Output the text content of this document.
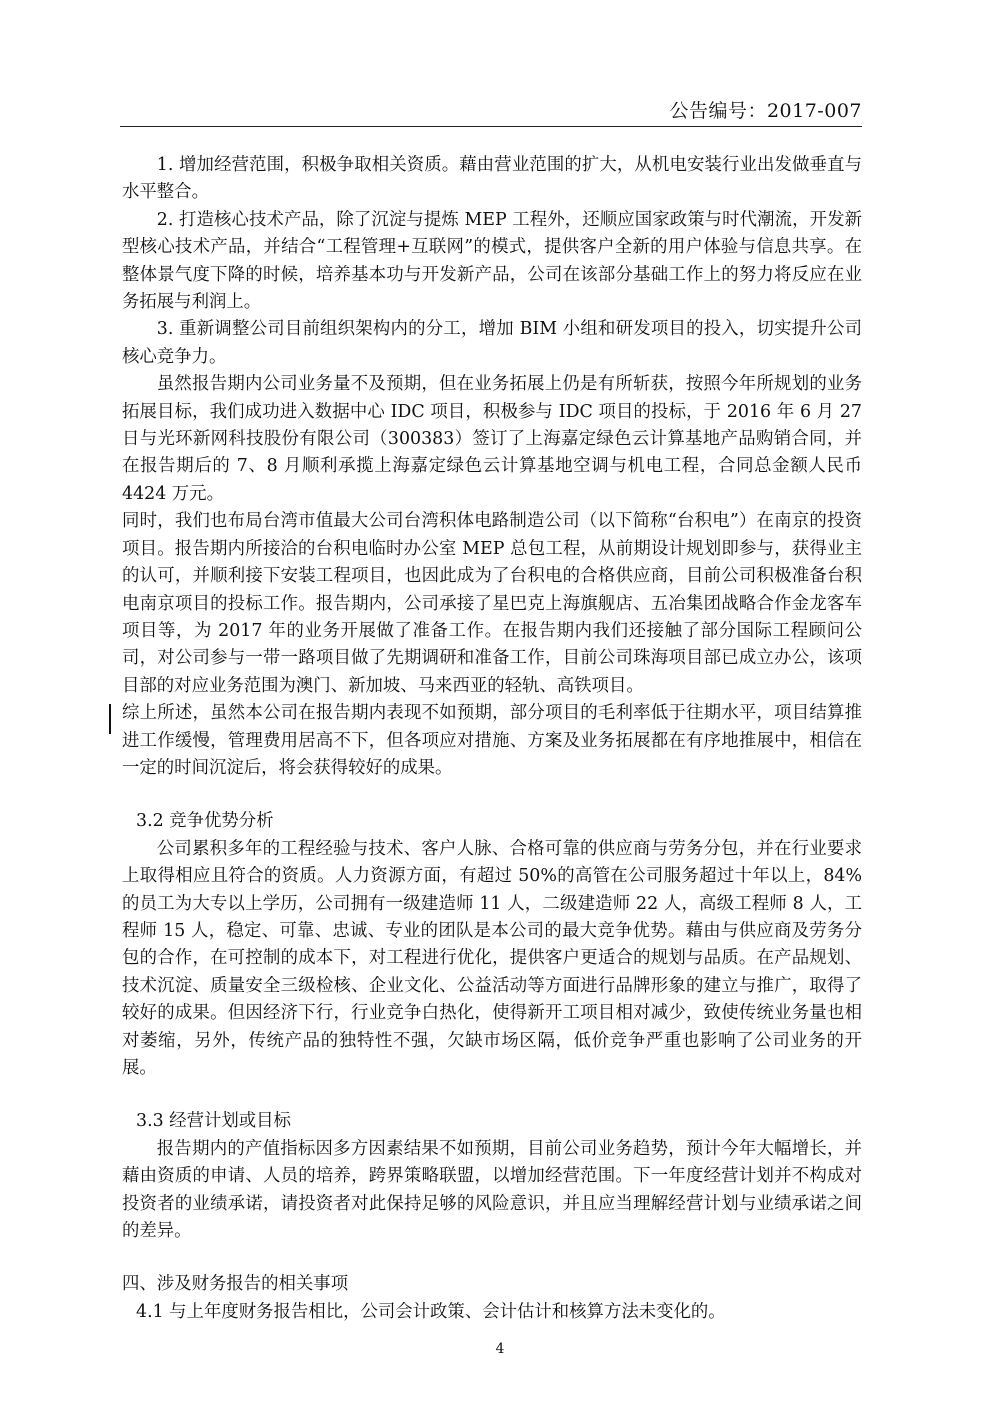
公告编号：2017-007

1. 增加经营范围，积极争取相关资质。藉由营业范围的扩大，从机电安装行业出发做垂直与水平整合。

2. 打造核心技术产品，除了沉淀与提炼 MEP 工程外，还顺应国家政策与时代潮流，开发新型核心技术产品，并结合“工程管理+互联网”的模式，提供客户全新的用户体验与信息共享。在整体景气度下降的时候，培养基本功与开发新产品，公司在该部分基础工作上的努力将反应在业务拓展与利润上。

3. 重新调整公司目前组织架构内的分工，增加 BIM 小组和研发项目的投入，切实提升公司核心竞争力。

虽然报告期内公司业务量不及预期，但在业务拓展上仍是有所斩获，按照今年所规划的业务拓展目标，我们成功进入数据中心 IDC 项目，积极参与 IDC 项目的投标，于 2016 年 6 月 27 日与光环新网科技股份有限公司（300383）签订了上海嘉定绿色云计算基地产品购销合同，并在报告期后的 7、8 月顺利承揽上海嘉定绿色云计算基地空调与机电工程，合同总金额人民币 4424 万元。

同时，我们也布局台湾市值最大公司台湾积体电路制造公司（以下简称“台积电”）在南京的投资项目。报告期内所接洽的台积电临时办公室 MEP 总包工程，从前期设计规划即参与，获得业主的认可，并顺利接下安装工程项目，也因此成为了台积电的合格供应商，目前公司积极准备台积电南京项目的投标工作。报告期内，公司承接了星巴克上海旗舰店、五冶集团战略合作金龙客车项目等，为 2017 年的业务开展做了准备工作。在报告期内我们还接触了部分国际工程顾问公司，对公司参与一带一路项目做了先期调研和准备工作，目前公司珠海项目部已成立办公，该项目部的对应业务范围为澳门、新加坡、马来西亚的轻轨、高铁项目。

综上所述，虽然本公司在报告期内表现不如预期，部分项目的毛利率低于往期水平，项目结算推进工作缓慢，管理费用居高不下，但各项应对措施、方案及业务拓展都在有序地推展中，相信在一定的时间沉淀后，将会获得较好的成果。

3.2 竞争优势分析

公司累积多年的工程经验与技术、客户人脉、合格可靠的供应商与劳务分包，并在行业要求上取得相应且符合的资质。人力资源方面，有超过 50%的高管在公司服务超过十年以上，84%的员工为大专以上学历，公司拥有一级建造师 11 人，二级建造师 22 人，高级工程师 8 人，工程师 15 人，稳定、可靠、忠诚、专业的团队是本公司的最大竞争优势。藉由与供应商及劳务分包的合作，在可控制的成本下，对工程进行优化，提供客户更适合的规划与品质。在产品规划、技术沉淀、质量安全三级检核、企业文化、公益活动等方面进行品牌形象的建立与推广，取得了较好的成果。但因经济下行，行业竞争白热化，使得新开工项目相对减少，致使传统业务量也相对萎缩，另外，传统产品的独特性不强，欠缺市场区隔，低价竞争严重也影响了公司业务的开展。

3.3 经营计划或目标

报告期内的产值指标因多方因素结果不如预期，目前公司业务趋势，预计今年大幅增长，并藉由资质的申请、人员的培养，跨界策略联盟，以增加经营范围。下一年度经营计划并不构成对投资者的业绩承诺，请投资者对此保持足够的风险意识，并且应当理解经营计划与业绩承诺之间的差异。

四、涉及财务报告的相关事项

4.1 与上年度财务报告相比，公司会计政策、会计估计和核算方法未变化的。

4
